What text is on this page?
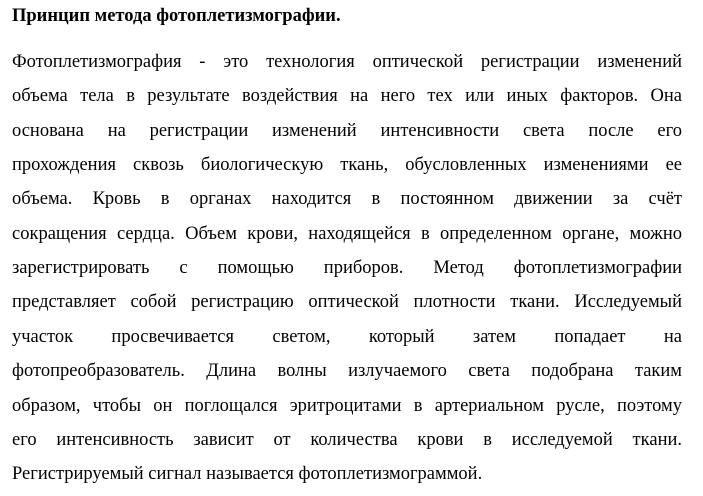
Принцип метода фотоплетизмографии.
Фотоплетизмография - это технология оптической регистрации изменений
объема тела в результате воздействия на него тех или иных факторов. Она
основана на регистрации изменений интенсивности света после его
прохождения сквозь биологическую ткань, обусловленных изменениями ее
объема. Кровь в органах находится в постоянном движении за счёт
сокращения сердца. Объем крови, находящейся в определенном органе, можно
зарегистрировать с помощью приборов. Метод фотоплетизмографии
представляет собой регистрацию оптической плотности ткани. Исследуемый
участок просвечивается светом, который затем попадает на
фотопреобразователь. Длина волны излучаемого света подобрана таким
образом, чтобы он поглощался эритроцитами в артериальном русле, поэтому
его интенсивность зависит от количества крови в исследуемой ткани.
Регистрируемый сигнал называется фотоплетизмограммой.
